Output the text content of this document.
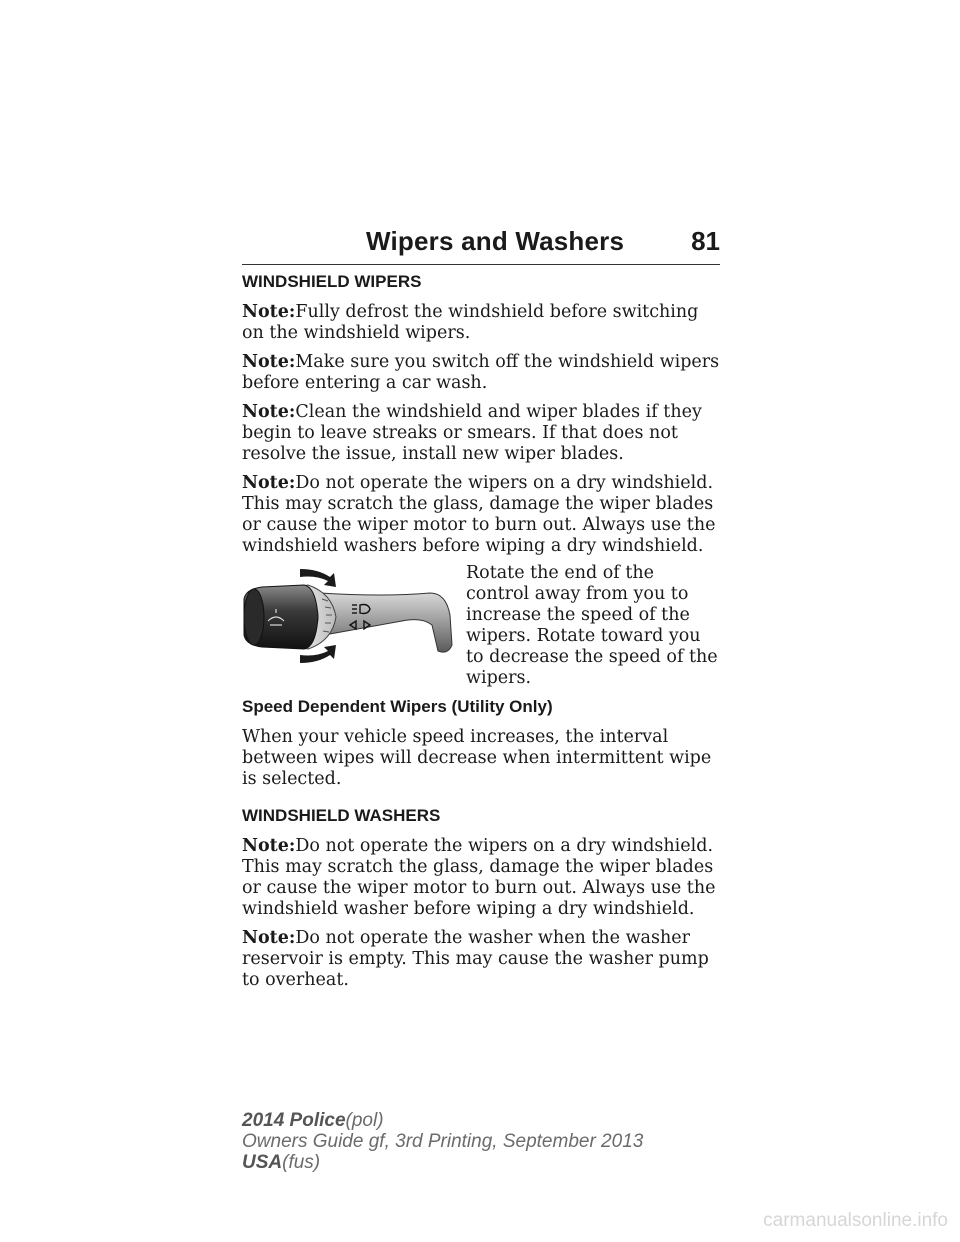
Wipers and Washers	81
WINDSHIELD WIPERS

Note:Fully defrost the windshield before switching on the windshield wipers.

Note:Make sure you switch off the windshield wipers before entering a car wash.

Note:Clean the windshield and wiper blades if they begin to leave streaks or smears. If that does not resolve the issue, install new wiper blades.

Note:Do not operate the wipers on a dry windshield. This may scratch the glass, damage the wiper blades or cause the wiper motor to burn out. Always use the windshield washers before wiping a dry windshield.

Rotate the end of the control away from you to increase the speed of the wipers. Rotate toward you to decrease the speed of the wipers.

Speed Dependent Wipers (Utility Only)

When your vehicle speed increases, the interval between wipes will decrease when intermittent wipe is selected.

WINDSHIELD WASHERS

Note:Do not operate the wipers on a dry windshield. This may scratch the glass, damage the wiper blades or cause the wiper motor to burn out. Always use the windshield washer before wiping a dry windshield.

Note:Do not operate the washer when the washer reservoir is empty. This may cause the washer pump to overheat.

2014 Police(pol)
Owners Guide gf, 3rd Printing, September 2013
USA(fus)
carmanualsonline.info
